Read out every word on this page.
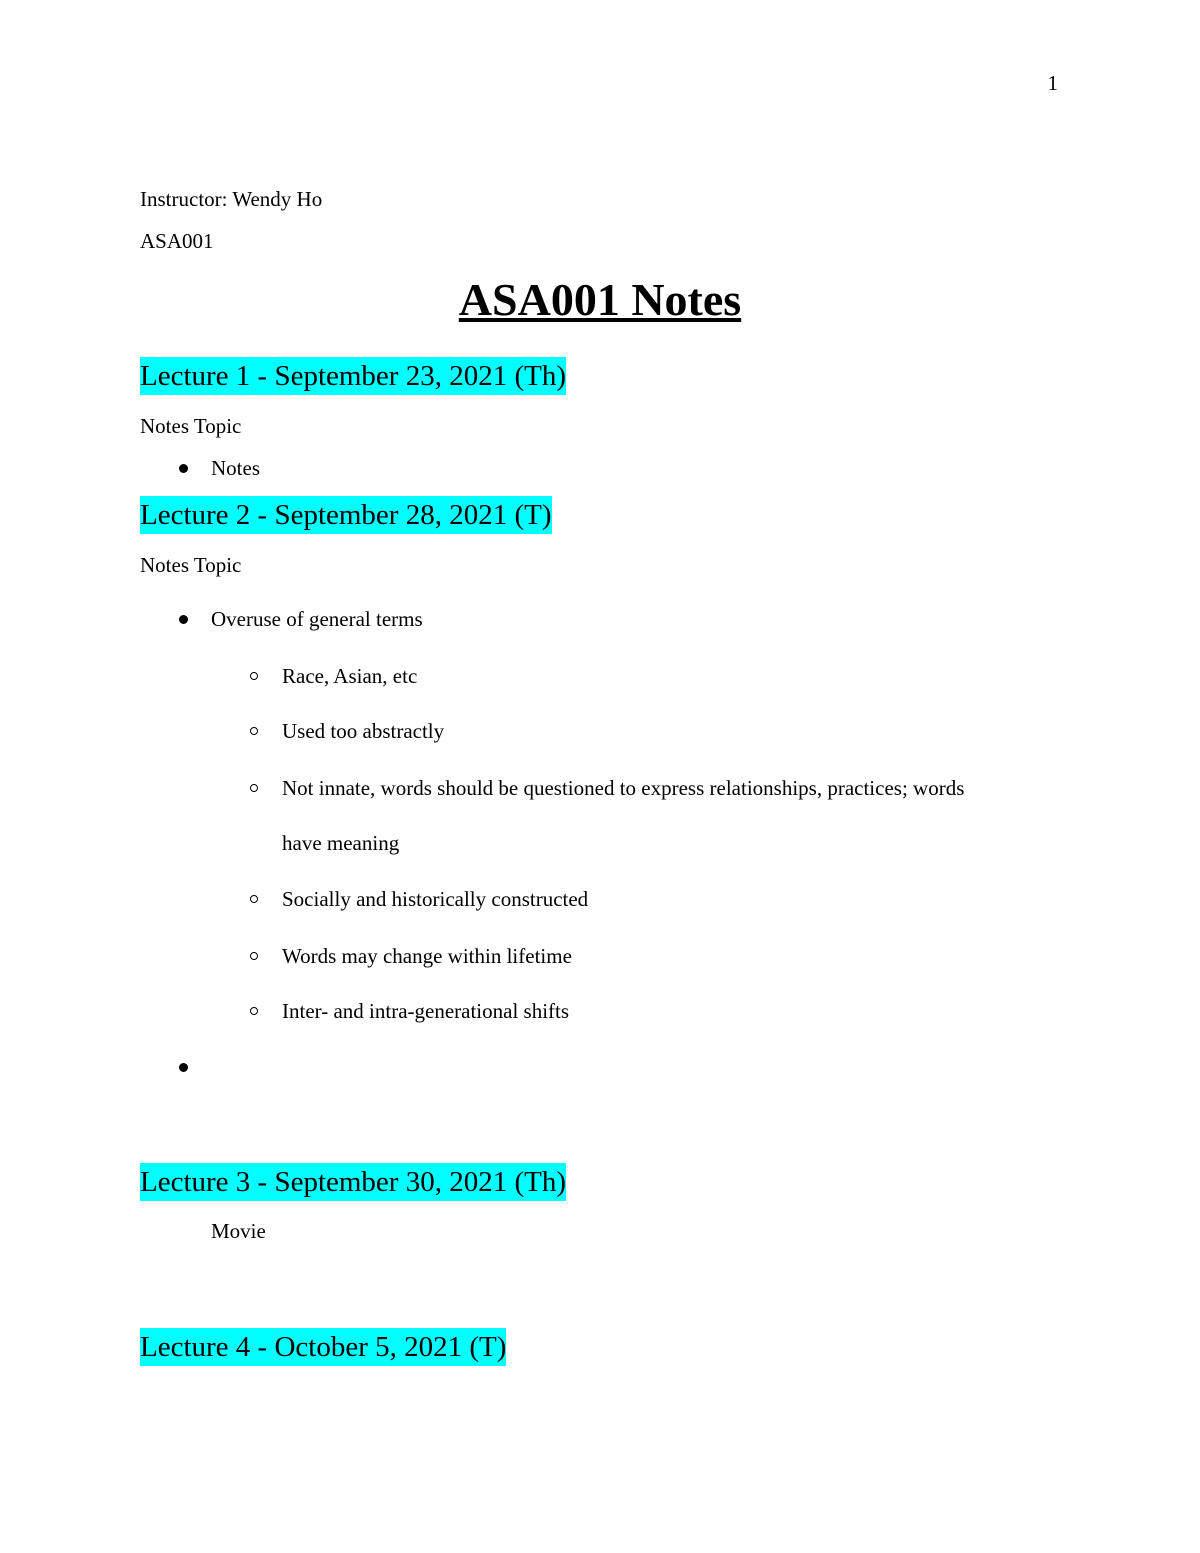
1
Instructor: Wendy Ho
ASA001
ASA001 Notes
Lecture 1 - September 23, 2021 (Th)
Notes Topic
Notes
Lecture 2 - September 28, 2021 (T)
Notes Topic
Overuse of general terms
Race, Asian, etc
Used too abstractly
Not innate, words should be questioned to express relationships, practices; words
have meaning
Socially and historically constructed
Words may change within lifetime
Inter- and intra-generational shifts
Lecture 3 - September 30, 2021 (Th)
Movie
Lecture 4 - October 5, 2021 (T)
